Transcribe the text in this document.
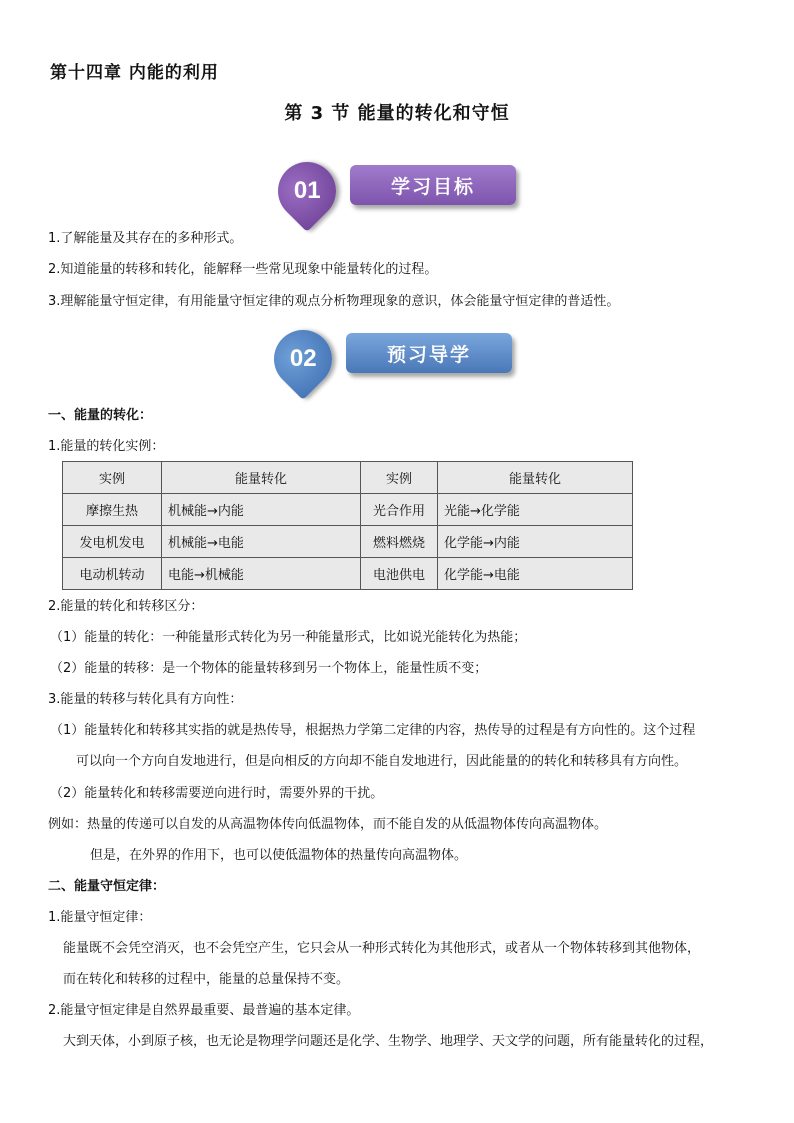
第十四章 内能的利用
第 3 节 能量的转化和守恒
01	学习目标
1.了解能量及其存在的多种形式。
2.知道能量的转移和转化，能解释一些常见现象中能量转化的过程。
3.理解能量守恒定律，有用能量守恒定律的观点分析物理现象的意识，体会能量守恒定律的普适性。
02	预习导学
一、能量的转化：
1.能量的转化实例：
实例	能量转化	实例	能量转化
摩擦生热	机械能→内能	光合作用	光能→化学能
发电机发电	机械能→电能	燃料燃烧	化学能→内能
电动机转动	电能→机械能	电池供电	化学能→电能
2.能量的转化和转移区分：
（1）能量的转化：一种能量形式转化为另一种能量形式，比如说光能转化为热能；
（2）能量的转移：是一个物体的能量转移到另一个物体上，能量性质不变；
3.能量的转移与转化具有方向性：
（1）能量转化和转移其实指的就是热传导，根据热力学第二定律的内容，热传导的过程是有方向性的。这个过程
可以向一个方向自发地进行，但是向相反的方向却不能自发地进行，因此能量的的转化和转移具有方向性。
（2）能量转化和转移需要逆向进行时，需要外界的干扰。
例如：热量的传递可以自发的从高温物体传向低温物体，而不能自发的从低温物体传向高温物体。
但是，在外界的作用下，也可以使低温物体的热量传向高温物体。
二、能量守恒定律：
1.能量守恒定律：
能量既不会凭空消灭，也不会凭空产生，它只会从一种形式转化为其他形式，或者从一个物体转移到其他物体，
而在转化和转移的过程中，能量的总量保持不变。
2.能量守恒定律是自然界最重要、最普遍的基本定律。
大到天体，小到原子核，也无论是物理学问题还是化学、生物学、地理学、天文学的问题，所有能量转化的过程，
